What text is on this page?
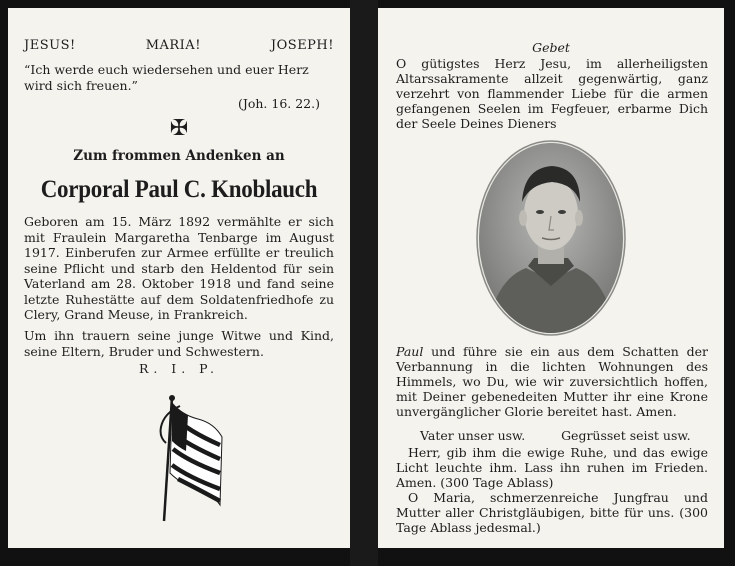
JESUS!	MARIA!	JOSEPH!
“Ich werde euch wiedersehen und euer Herz wird sich freuen.”
(Joh. 16. 22.)
✠
Zum frommen Andenken an
Corporal Paul C. Knoblauch
Geboren am 15. März 1892 vermählte er sich mit Fraulein Margaretha Tenbarge im August 1917. Einberufen zur Armee erfüllte er treulich seine Pflicht und starb den Heldentod für sein Vaterland am 28. Oktober 1918 und fand seine letzte Ruhestätte auf dem Soldatenfriedhofe zu Clery, Grand Meuse, in Frankreich.
Um ihn trauern seine junge Witwe und Kind, seine Eltern, Bruder und Schwestern.
R. I. P.
Gebet
O gütigstes Herz Jesu, im allerheiligsten Altarssakramente allzeit gegenwärtig, ganz verzehrt von flammender Liebe für die armen gefangenen Seelen im Fegfeuer, erbarme Dich der Seele Deines Dieners
Paul und führe sie ein aus dem Schatten der Verbannung in die lichten Wohnungen des Himmels, wo Du, wie wir zuversichtlich hoffen, mit Deiner gebenedeiten Mutter ihr eine Krone unvergänglicher Glorie bereitet hast. Amen.
Vater unser usw.	Gegrüsset seist usw.
Herr, gib ihm die ewige Ruhe, und das ewige Licht leuchte ihm. Lass ihn ruhen im Frieden. Amen. (300 Tage Ablass)
O Maria, schmerzenreiche Jungfrau und Mutter aller Christgläubigen, bitte für uns. (300 Tage Ablass jedesmal.)
